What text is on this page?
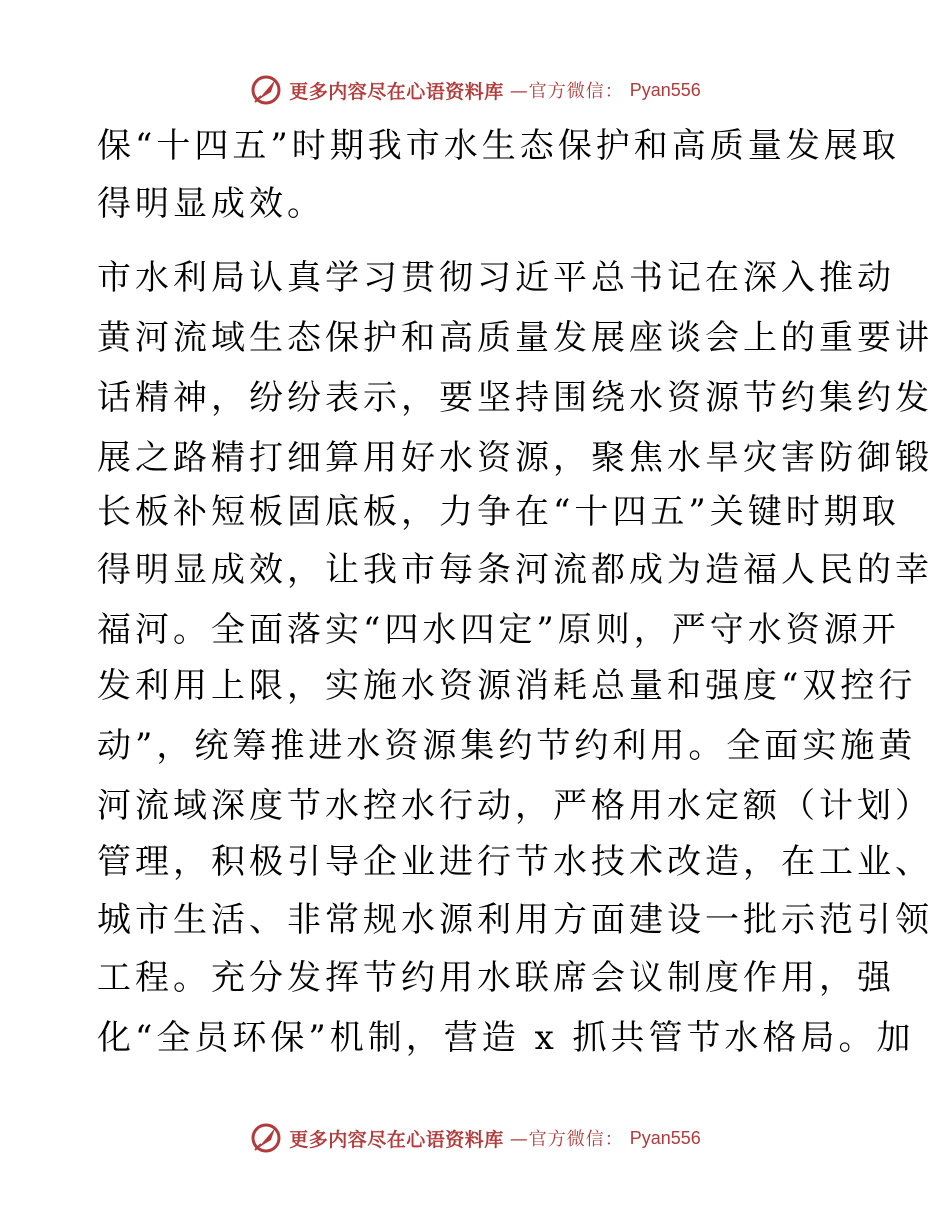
更多内容尽在心语资料库 —官方微信： Pyan556
保“十四五”时期我市水生态保护和高质量发展取
得明显成效。
市水利局认真学习贯彻习近平总书记在深入推动
黄河流域生态保护和高质量发展座谈会上的重要讲
话精神，纷纷表示，要坚持围绕水资源节约集约发
展之路精打细算用好水资源，聚焦水旱灾害防御锻
长板补短板固底板，力争在“十四五”关键时期取
得明显成效，让我市每条河流都成为造福人民的幸
福河。全面落实“四水四定”原则，严守水资源开
发利用上限，实施水资源消耗总量和强度“双控行
动”，统筹推进水资源集约节约利用。全面实施黄
河流域深度节水控水行动，严格用水定额（计划）
管理，积极引导企业进行节水技术改造，在工业、
城市生活、非常规水源利用方面建设一批示范引领
工程。充分发挥节约用水联席会议制度作用，强
化“全员环保”机制，营造 x 抓共管节水格局。加
更多内容尽在心语资料库 —官方微信： Pyan556
